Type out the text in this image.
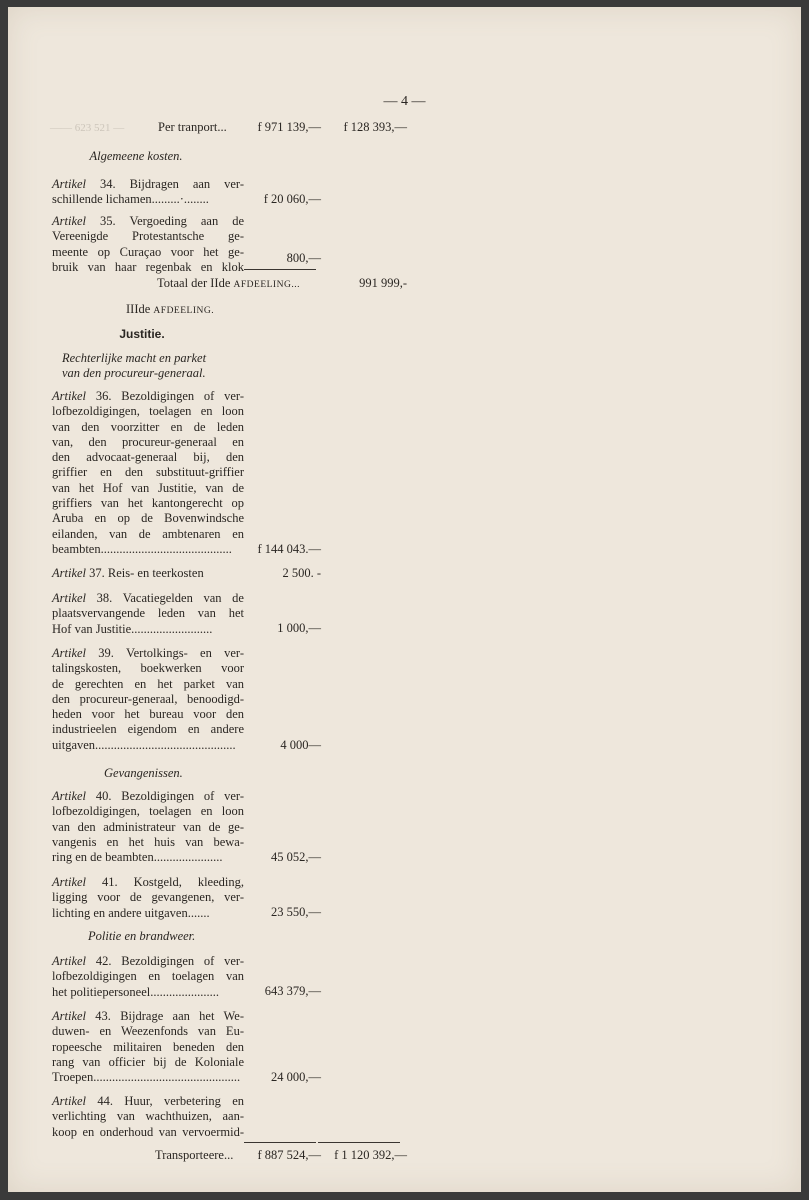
—— 623 521 —
— 4 —
Per tranport... f 971 139,— f 128 393,—
Algemeene kosten.
Artikel 34. Bijdragen aan ver-
schillende lichamen.........·........	f 20 060,—
Artikel 35. Vergoeding aan de
Vereenigde Protestantsche ge-
meente op Curaçao voor het ge-
bruik van haar regenbak en klok
800,—
Totaal der IIde AFDEELING...	991 999,-
IIIde AFDEELING.
Justitie.
Rechterlijke macht en parket
van den procureur-generaal.
Artikel 36. Bezoldigingen of ver-
lofbezoldigingen, toelagen en loon
van den voorzitter en de leden
van, den procureur-generaal en
den advocaat-generaal bij, den
griffier en den substituut-griffier
van het Hof van Justitie, van de
griffiers van het kantongerecht op
Aruba en op de Bovenwindsche
eilanden, van de ambtenaren en
beambten..........................................	f 144 043.—
Artikel 37. Reis- en teerkosten	2 500. -
Artikel 38. Vacatiegelden van de
plaatsvervangende leden van het
Hof van Justitie..........................	1 000,—
Artikel 39. Vertolkings- en ver-
talingskosten, boekwerken voor
de gerechten en het parket van
den procureur-generaal, benoodigd-
heden voor het bureau voor den
industrieelen eigendom en andere
uitgaven.............................................	4 000—
Gevangenissen.
Artikel 40. Bezoldigingen of ver-
lofbezoldigingen, toelagen en loon
van den administrateur van de ge-
vangenis en het huis van bewa-
ring en de beambten......................	45 052,—
Artikel 41. Kostgeld, kleeding,
ligging voor de gevangenen, ver-
lichting en andere uitgaven.......	23 550,—
Politie en brandweer.
Artikel 42. Bezoldigingen of ver-
lofbezoldigingen en toelagen van
het politiepersoneel......................	643 379,—
Artikel 43. Bijdrage aan het We-
duwen- en Weezenfonds van Eu-
ropeesche militairen beneden den
rang van officier bij de Koloniale
Troepen...............................................	24 000,—
Artikel 44. Huur, verbetering en
verlichting van wachthuizen, aan-
koop en onderhoud van vervoermid-
Transporteere... f 887 524,— f 1 120 392,—
